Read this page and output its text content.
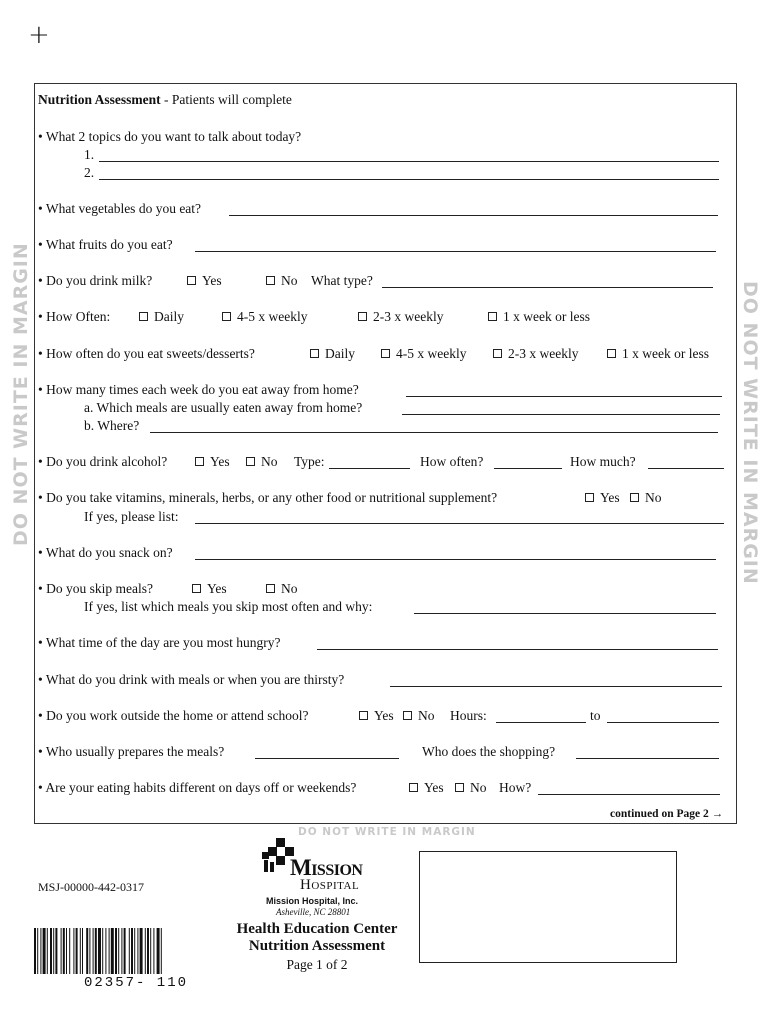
+
DO NOT WRITE IN MARGIN	DO NOT WRITE IN MARGIN
Nutrition Assessment - Patients will complete
• What 2 topics do you want to talk about today?
1.
2.
• What vegetables do you eat?
• What fruits do you eat?
• Do you drink milk?	Yes	No What type?
• How Often:	Daily	4-5 x weekly	2-3 x weekly	1 x week or less
• How often do you eat sweets/desserts?	Daily	4-5 x weekly	2-3 x weekly	1 x week or less
• How many times each week do you eat away from home?
a. Which meals are usually eaten away from home?
b. Where?
• Do you drink alcohol?	Yes	No Type:	How often?	How much?
• Do you take vitamins, minerals, herbs, or any other food or nutritional supplement?	Yes	No
If yes, please list:
• What do you snack on?
• Do you skip meals?	Yes	No
If yes, list which meals you skip most often and why:
• What time of the day are you most hungry?
• What do you drink with meals or when you are thirsty?
• Do you work outside the home or attend school?	Yes	No Hours:	to
• Who usually prepares the meals?	Who does the shopping?
• Are your eating habits different on days off or weekends?	Yes	No How?
continued on Page 2 →
DO NOT WRITE IN MARGIN
MSJ-00000-442-0317
02357- 110
Mission
Hospital
Mission Hospital, Inc.
Asheville, NC 28801
Health Education Center
Nutrition Assessment
Page 1 of 2
